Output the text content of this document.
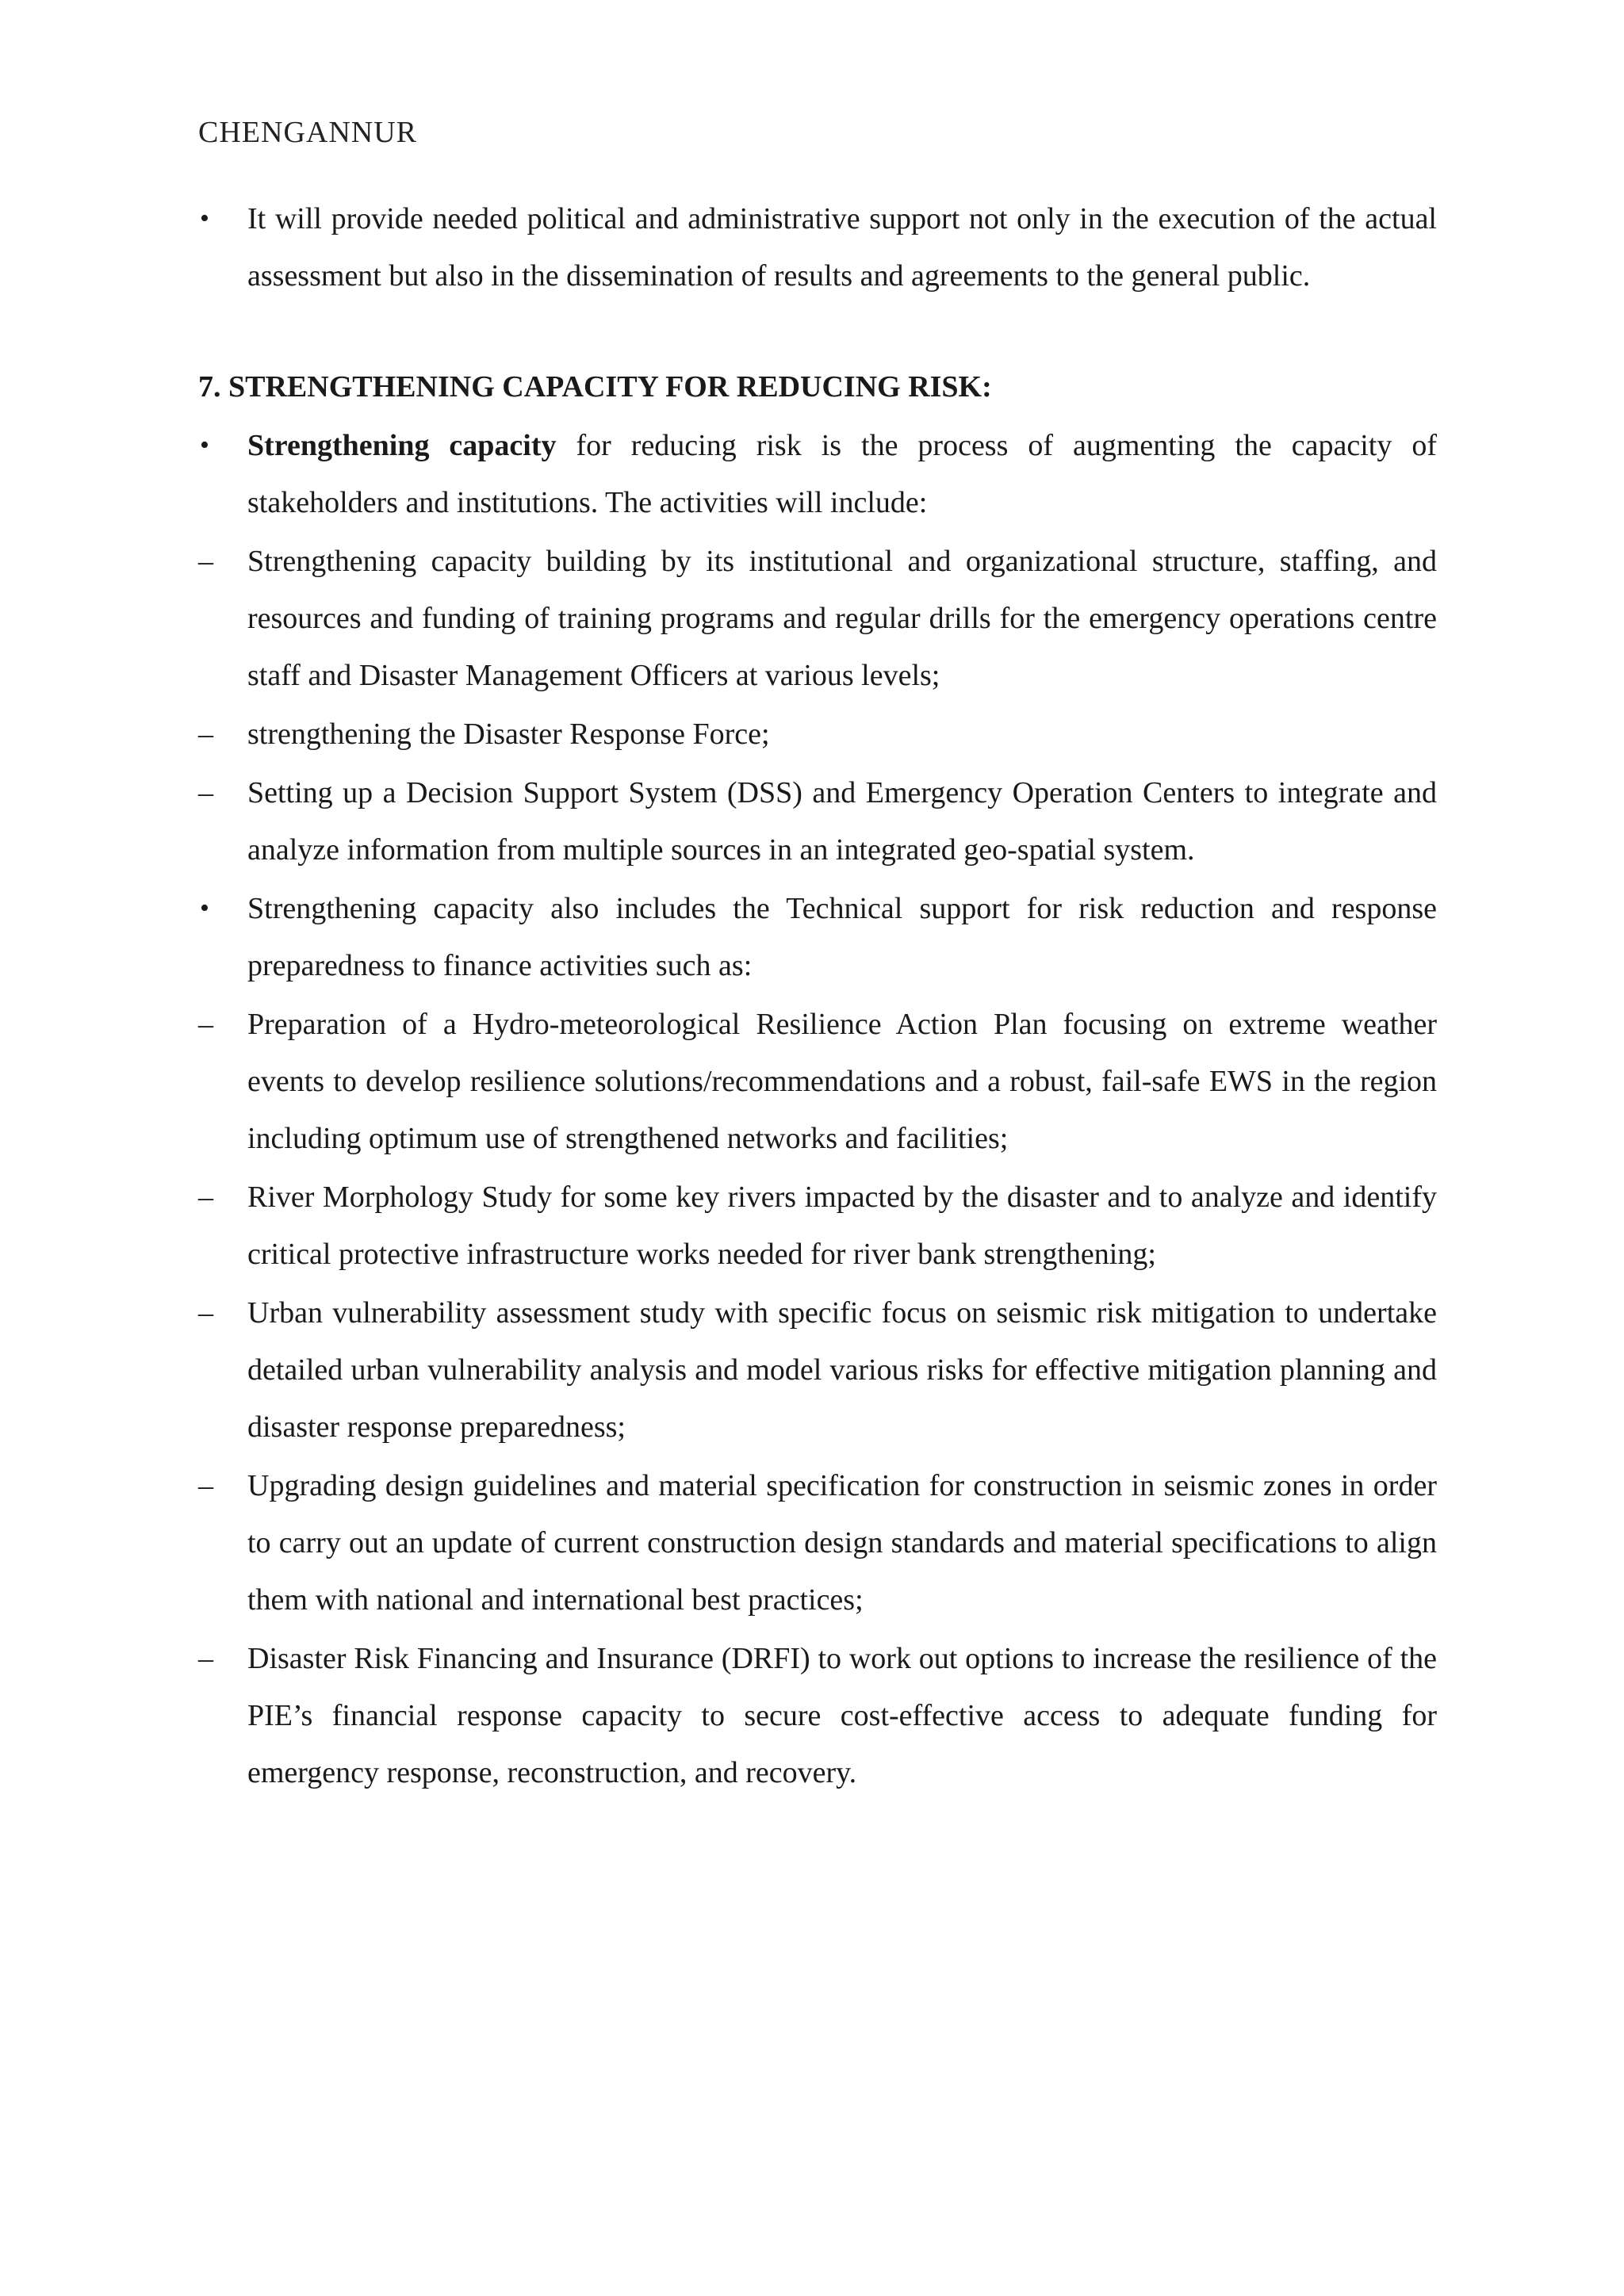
CHENGANNUR
• It will provide needed political and administrative support not only in the execution of the actual assessment but also in the dissemination of results and agreements to the general public.
7. STRENGTHENING CAPACITY FOR REDUCING RISK:
• Strengthening capacity for reducing risk is the process of augmenting the capacity of stakeholders and institutions. The activities will include:
– Strengthening capacity building by its institutional and organizational structure, staffing, and resources and funding of training programs and regular drills for the emergency operations centre staff and Disaster Management Officers at various levels;
– strengthening the Disaster Response Force;
– Setting up a Decision Support System (DSS) and Emergency Operation Centers to integrate and analyze information from multiple sources in an integrated geo-spatial system.
• Strengthening capacity also includes the Technical support for risk reduction and response preparedness to finance activities such as:
– Preparation of a Hydro-meteorological Resilience Action Plan focusing on extreme weather events to develop resilience solutions/recommendations and a robust, fail-safe EWS in the region including optimum use of strengthened networks and facilities;
– River Morphology Study for some key rivers impacted by the disaster and to analyze and identify critical protective infrastructure works needed for river bank strengthening;
– Urban vulnerability assessment study with specific focus on seismic risk mitigation to undertake detailed urban vulnerability analysis and model various risks for effective mitigation planning and disaster response preparedness;
– Upgrading design guidelines and material specification for construction in seismic zones in order to carry out an update of current construction design standards and material specifications to align them with national and international best practices;
– Disaster Risk Financing and Insurance (DRFI) to work out options to increase the resilience of the PIE’s financial response capacity to secure cost-effective access to adequate funding for emergency response, reconstruction, and recovery.
